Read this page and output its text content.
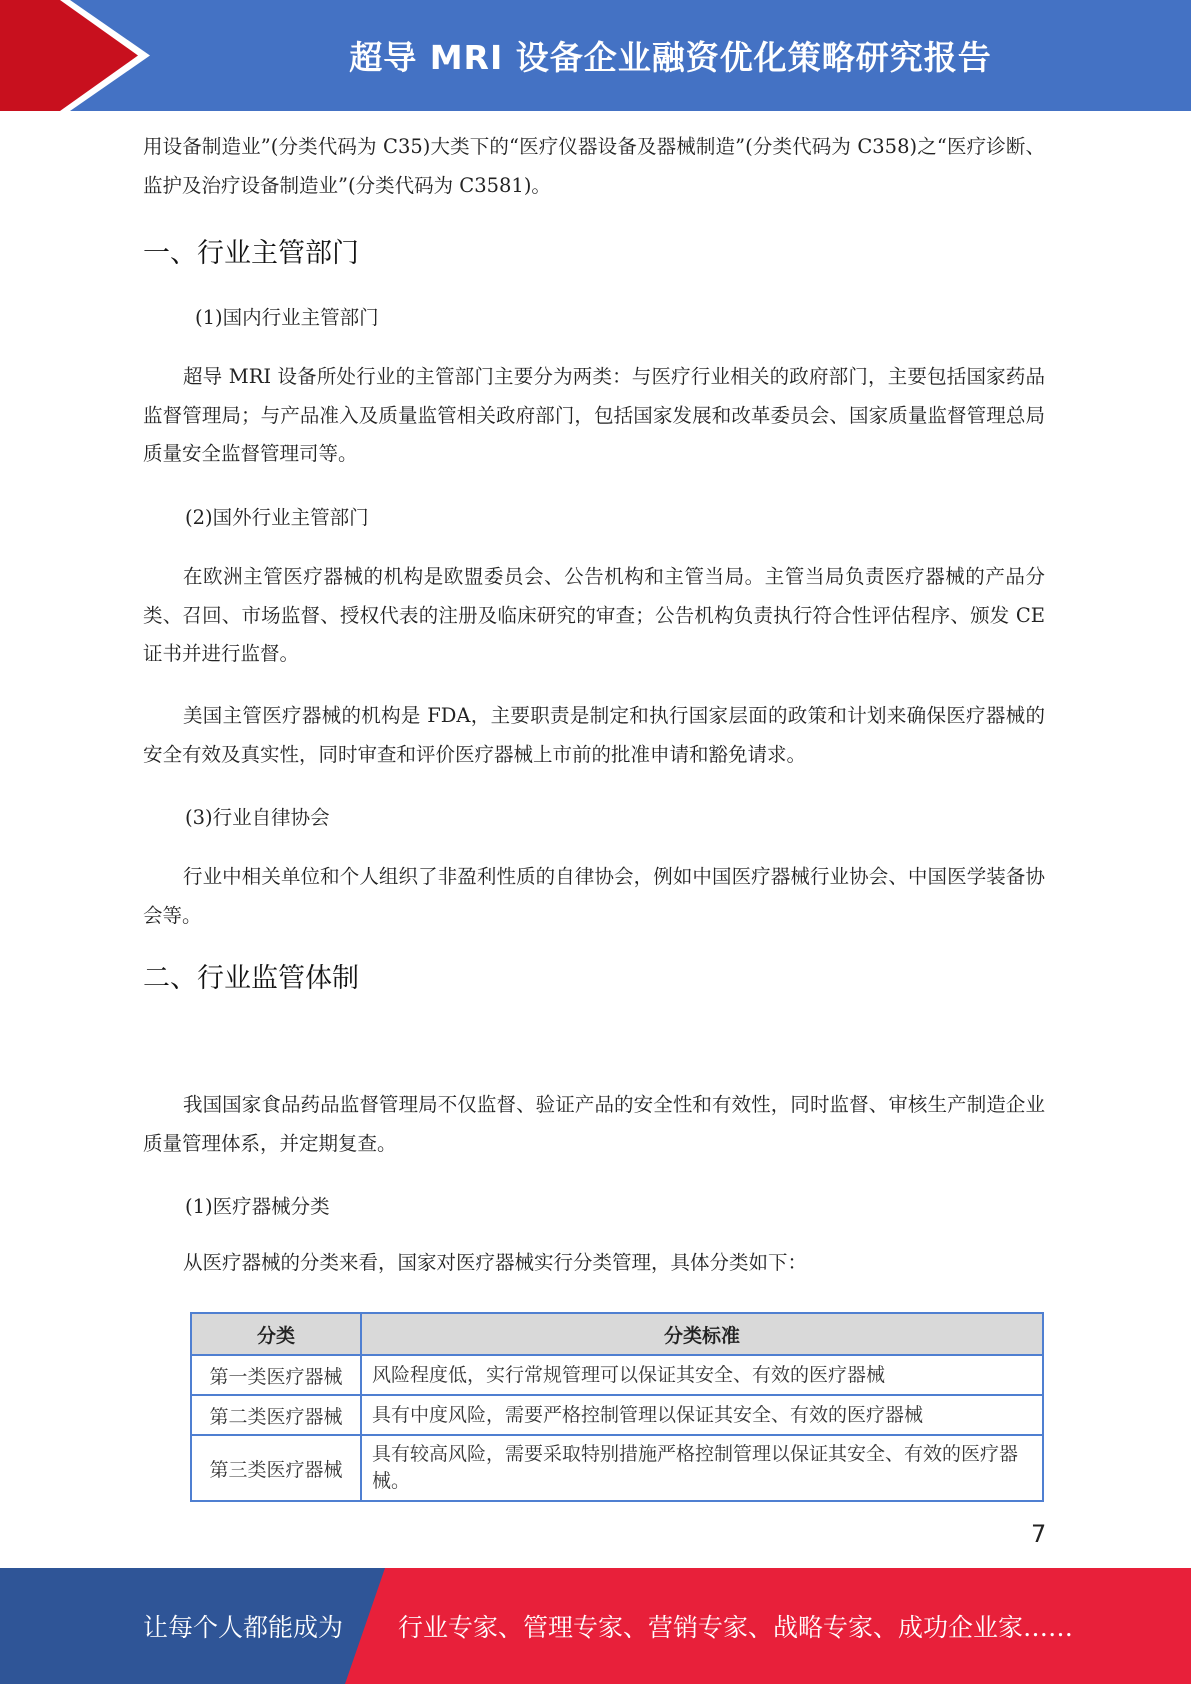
超导 MRI 设备企业融资优化策略研究报告

用设备制造业”(分类代码为 C35)大类下的“医疗仪器设备及器械制造”(分类代码为 C358)之“医疗诊断、监护及治疗设备制造业”(分类代码为 C3581)。

一、行业主管部门
(1)国内行业主管部门

超导 MRI 设备所处行业的主管部门主要分为两类：与医疗行业相关的政府部门，主要包括国家药品监督管理局；与产品准入及质量监管相关政府部门，包括国家发展和改革委员会、国家质量监督管理总局质量安全监督管理司等。

(2)国外行业主管部门

在欧洲主管医疗器械的机构是欧盟委员会、公告机构和主管当局。主管当局负责医疗器械的产品分类、召回、市场监督、授权代表的注册及临床研究的审查；公告机构负责执行符合性评估程序、颁发 CE 证书并进行监督。

美国主管医疗器械的机构是 FDA，主要职责是制定和执行国家层面的政策和计划来确保医疗器械的安全有效及真实性，同时审查和评价医疗器械上市前的批准申请和豁免请求。

(3)行业自律协会

行业中相关单位和个人组织了非盈利性质的自律协会，例如中国医疗器械行业协会、中国医学装备协会等。

二、行业监管体制

我国国家食品药品监督管理局不仅监督、验证产品的安全性和有效性，同时监督、审核生产制造企业质量管理体系，并定期复查。

(1)医疗器械分类

从医疗器械的分类来看，国家对医疗器械实行分类管理，具体分类如下：

分类	分类标准
第一类医疗器械	风险程度低，实行常规管理可以保证其安全、有效的医疗器械
第二类医疗器械	具有中度风险，需要严格控制管理以保证其安全、有效的医疗器械
第三类医疗器械	具有较高风险，需要采取特别措施严格控制管理以保证其安全、有效的医疗器械。
7
让每个人都能成为 行业专家、管理专家、营销专家、战略专家、成功企业家……
